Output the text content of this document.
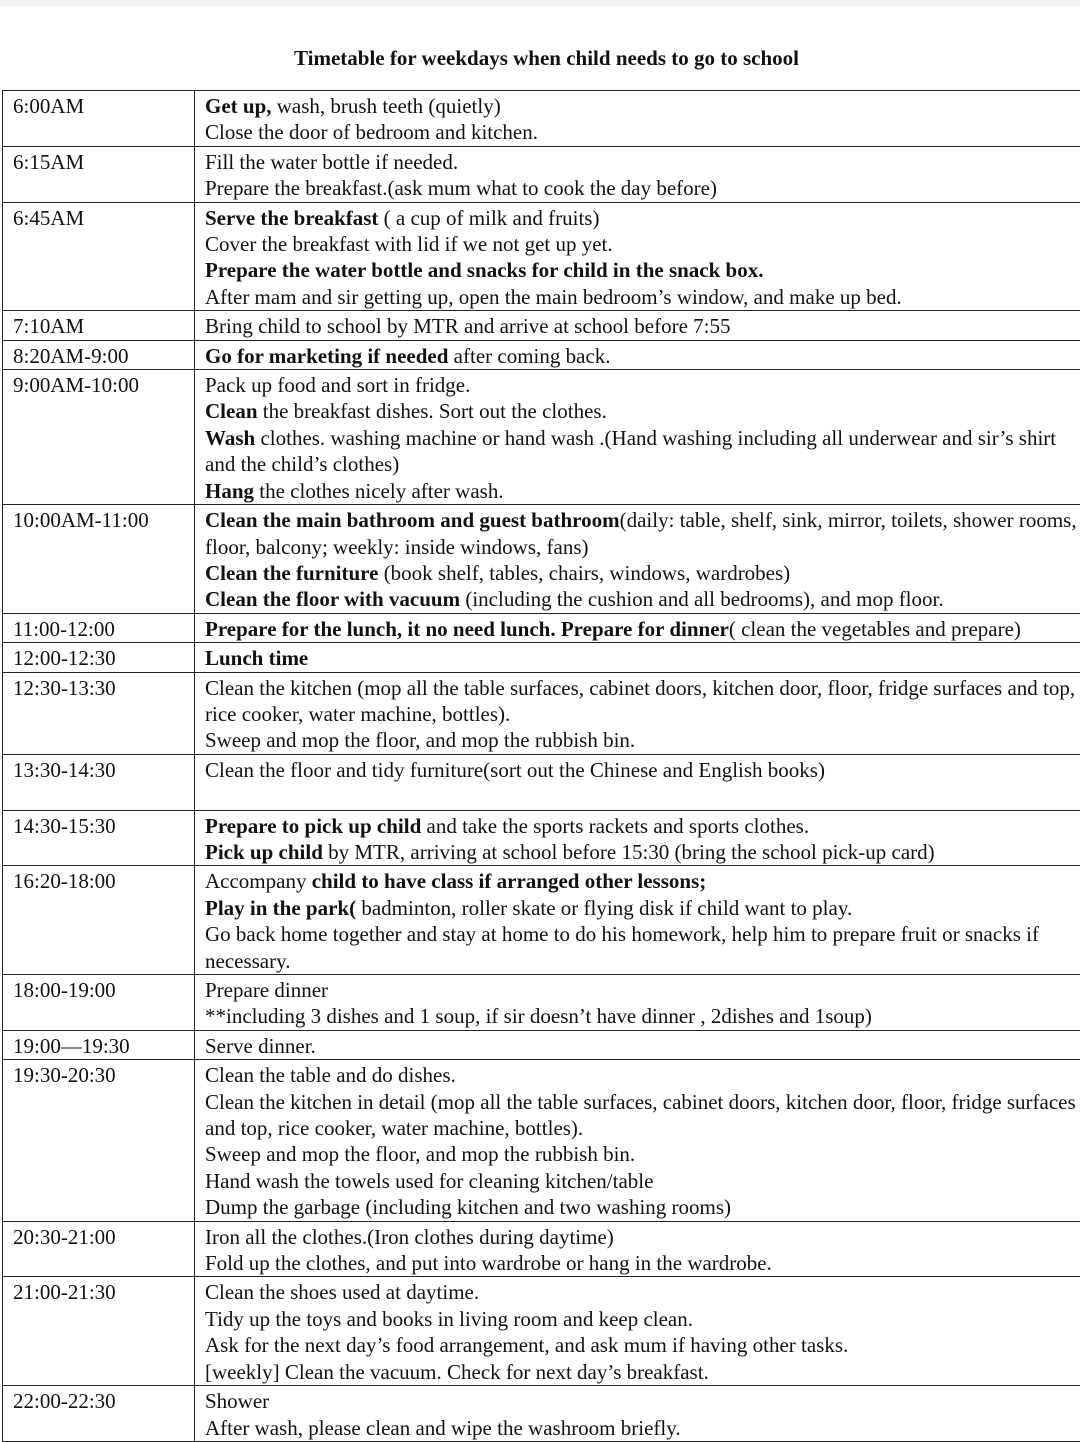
Timetable for weekdays when child needs to go to school
6:00AM	Get up, wash, brush teeth (quietly)
Close the door of bedroom and kitchen.

6:15AM	Fill the water bottle if needed.
Prepare the breakfast.(ask mum what to cook the day before)

6:45AM	Serve the breakfast ( a cup of milk and fruits)
Cover the breakfast with lid if we not get up yet.
Prepare the water bottle and snacks for child in the snack box.
After mam and sir getting up, open the main bedroom’s window, and make up bed.

7:10AM	Bring child to school by MTR and arrive at school before 7:55

8:20AM-9:00	Go for marketing if needed after coming back.

9:00AM-10:00	Pack up food and sort in fridge.
Clean the breakfast dishes. Sort out the clothes.
Wash clothes. washing machine or hand wash .(Hand washing including all underwear and sir’s shirt and the child’s clothes)
Hang the clothes nicely after wash.

10:00AM-11:00	Clean the main bathroom and guest bathroom(daily: table, shelf, sink, mirror, toilets, shower rooms, floor, balcony; weekly: inside windows, fans)
Clean the furniture (book shelf, tables, chairs, windows, wardrobes)
Clean the floor with vacuum (including the cushion and all bedrooms), and mop floor.

11:00-12:00	Prepare for the lunch, it no need lunch. Prepare for dinner( clean the vegetables and prepare)

12:00-12:30	Lunch time

12:30-13:30	Clean the kitchen (mop all the table surfaces, cabinet doors, kitchen door, floor, fridge surfaces and top, rice cooker, water machine, bottles).
Sweep and mop the floor, and mop the rubbish bin.

13:30-14:30	Clean the floor and tidy furniture(sort out the Chinese and English books)

14:30-15:30	Prepare to pick up child and take the sports rackets and sports clothes.
Pick up child by MTR, arriving at school before 15:30 (bring the school pick-up card)

16:20-18:00	Accompany child to have class if arranged other lessons;
Play in the park( badminton, roller skate or flying disk if child want to play.
Go back home together and stay at home to do his homework, help him to prepare fruit or snacks if necessary.

18:00-19:00	Prepare dinner
**including 3 dishes and 1 soup, if sir doesn’t have dinner , 2dishes and 1soup)

19:00—19:30	Serve dinner.

19:30-20:30	Clean the table and do dishes.
Clean the kitchen in detail (mop all the table surfaces, cabinet doors, kitchen door, floor, fridge surfaces and top, rice cooker, water machine, bottles).
Sweep and mop the floor, and mop the rubbish bin.
Hand wash the towels used for cleaning kitchen/table
Dump the garbage (including kitchen and two washing rooms)

20:30-21:00	Iron all the clothes.(Iron clothes during daytime)
Fold up the clothes, and put into wardrobe or hang in the wardrobe.

21:00-21:30	Clean the shoes used at daytime.
Tidy up the toys and books in living room and keep clean.
Ask for the next day’s food arrangement, and ask mum if having other tasks.
[weekly] Clean the vacuum. Check for next day’s breakfast.

22:00-22:30	Shower
After wash, please clean and wipe the washroom briefly.
